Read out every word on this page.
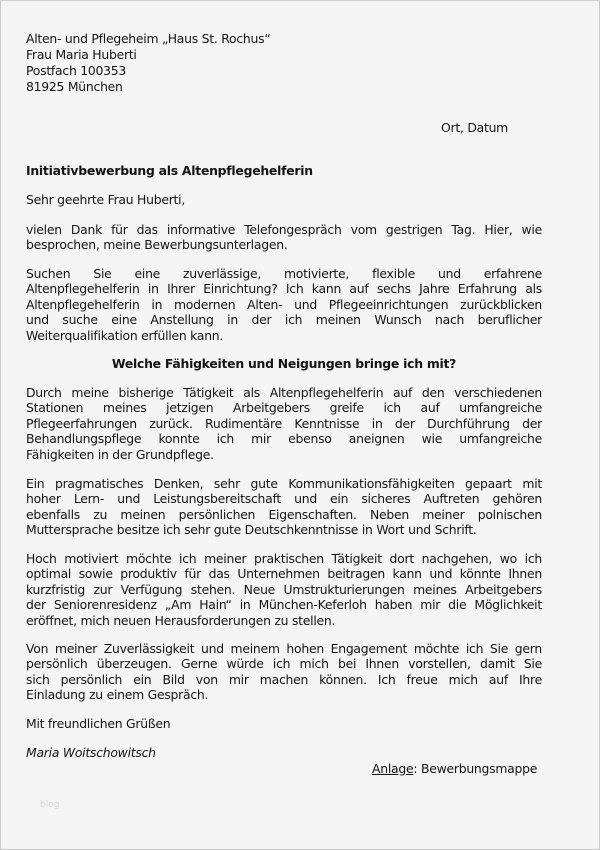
Alten- und Pflegeheim „Haus St. Rochus“
Frau Maria Huberti
Postfach 100353
81925 München
Ort, Datum
Initiativbewerbung als Altenpflegehelferin
Sehr geehrte Frau Huberti,
vielen Dank für das informative Telefongespräch vom gestrigen Tag. Hier, wie
besprochen, meine Bewerbungsunterlagen.
Suchen Sie eine zuverlässige, motivierte, flexible und erfahrene
Altenpflegehelferin in Ihrer Einrichtung? Ich kann auf sechs Jahre Erfahrung als
Altenpflegehelferin in modernen Alten- und Pflegeeinrichtungen zurückblicken
und suche eine Anstellung in der ich meinen Wunsch nach beruflicher
Weiterqualifikation erfüllen kann.
Welche Fähigkeiten und Neigungen bringe ich mit?
Durch meine bisherige Tätigkeit als Altenpflegehelferin auf den verschiedenen
Stationen meines jetzigen Arbeitgebers greife ich auf umfangreiche
Pflegeerfahrungen zurück. Rudimentäre Kenntnisse in der Durchführung der
Behandlungspflege konnte ich mir ebenso aneignen wie umfangreiche
Fähigkeiten in der Grundpflege.
Ein pragmatisches Denken, sehr gute Kommunikationsfähigkeiten gepaart mit
hoher Lern- und Leistungsbereitschaft und ein sicheres Auftreten gehören
ebenfalls zu meinen persönlichen Eigenschaften. Neben meiner polnischen
Muttersprache besitze ich sehr gute Deutschkenntnisse in Wort und Schrift.
Hoch motiviert möchte ich meiner praktischen Tätigkeit dort nachgehen, wo ich
optimal sowie produktiv für das Unternehmen beitragen kann und könnte Ihnen
kurzfristig zur Verfügung stehen. Neue Umstrukturierungen meines Arbeitgebers
der Seniorenresidenz „Am Hain“ in München-Keferloh haben mir die Möglichkeit
eröffnet, mich neuen Herausforderungen zu stellen.
Von meiner Zuverlässigkeit und meinem hohen Engagement möchte ich Sie gern
persönlich überzeugen. Gerne würde ich mich bei Ihnen vorstellen, damit Sie
sich persönlich ein Bild von mir machen können. Ich freue mich auf Ihre
Einladung zu einem Gespräch.
Mit freundlichen Grüßen
Maria Woitschowitsch
Anlage: Bewerbungsmappe
blog
